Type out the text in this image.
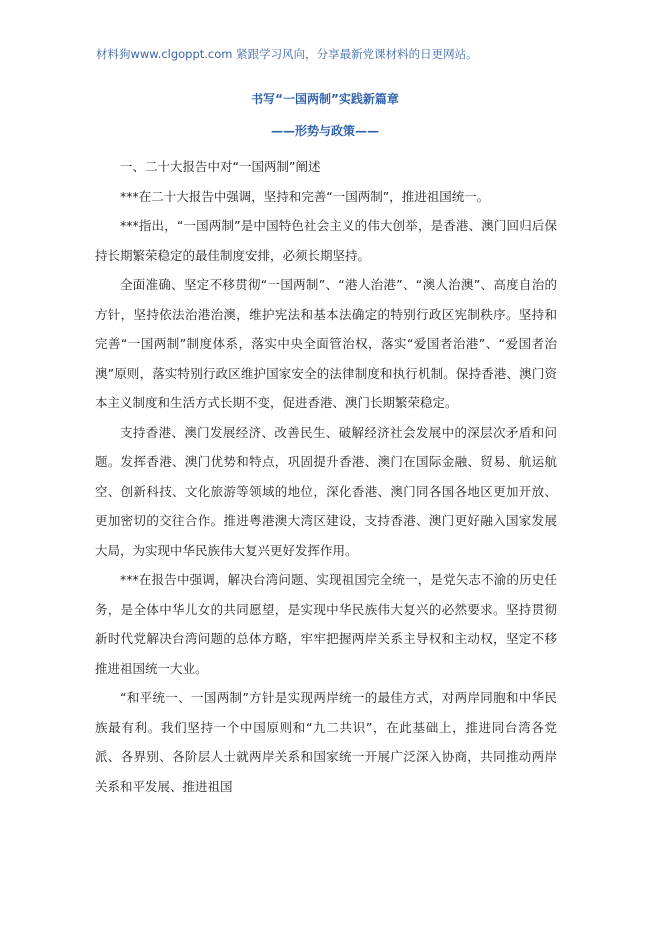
材料狗www.clgoppt.com 紧跟学习风向，分享最新党课材料的日更网站。
书写“一国两制”实践新篇章
——形势与政策——
一、二十大报告中对“一国两制”阐述

***在二十大报告中强调，坚持和完善“一国两制”，推进祖国统一。

***指出，“一国两制”是中国特色社会主义的伟大创举，是香港、澳门回归后保持长期繁荣稳定的最佳制度安排，必须长期坚持。

全面准确、坚定不移贯彻“一国两制”、“港人治港”、“澳人治澳”、高度自治的方针，坚持依法治港治澳，维护宪法和基本法确定的特别行政区宪制秩序。坚持和完善“一国两制”制度体系，落实中央全面管治权，落实“爱国者治港”、“爱国者治澳”原则，落实特别行政区维护国家安全的法律制度和执行机制。保持香港、澳门资本主义制度和生活方式长期不变，促进香港、澳门长期繁荣稳定。

支持香港、澳门发展经济、改善民生、破解经济社会发展中的深层次矛盾和问题。发挥香港、澳门优势和特点，巩固提升香港、澳门在国际金融、贸易、航运航空、创新科技、文化旅游等领域的地位，深化香港、澳门同各国各地区更加开放、更加密切的交往合作。推进粤港澳大湾区建设，支持香港、澳门更好融入国家发展大局，为实现中华民族伟大复兴更好发挥作用。

***在报告中强调，解决台湾问题、实现祖国完全统一，是党矢志不渝的历史任务，是全体中华儿女的共同愿望，是实现中华民族伟大复兴的必然要求。坚持贯彻新时代党解决台湾问题的总体方略，牢牢把握两岸关系主导权和主动权，坚定不移推进祖国统一大业。

“和平统一、一国两制”方针是实现两岸统一的最佳方式，对两岸同胞和中华民族最有利。我们坚持一个中国原则和“九二共识”，在此基础上，推进同台湾各党派、各界别、各阶层人士就两岸关系和国家统一开展广泛深入协商，共同推动两岸关系和平发展、推进祖国
